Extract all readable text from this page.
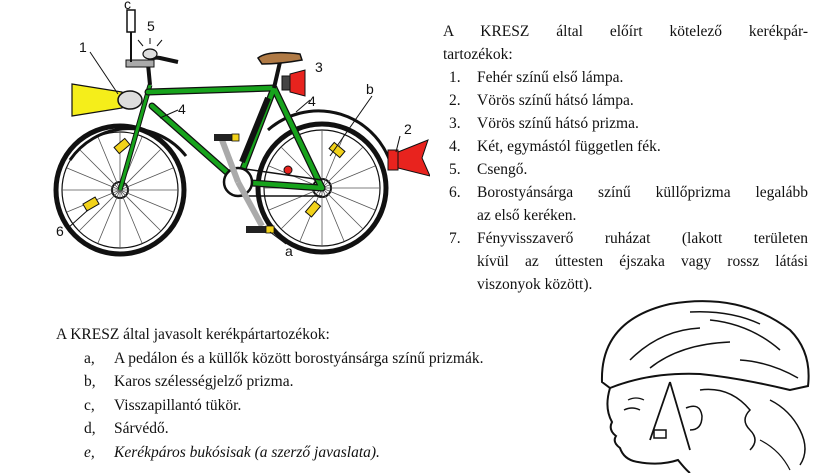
c
5
1
3
4	4
b
2
6
a

A KRESZ által előírt kötelező kerékpár-

tartozékok:

1.	Fehér színű első lámpa.
2.	Vörös színű hátsó lámpa.
3.	Vörös színű hátsó prizma.
4.	Két, egymástól független fék.
5.	Csengő.
6.	Borostyánsárga színű küllőprizma legalább
az első keréken.
7.	Fényvisszaverő ruházat (lakott területen
kívül az úttesten éjszaka vagy rossz látási
viszonyok között).

A KRESZ által javasolt kerékpártartozékok:

a,	A pedálon és a küllők között borostyánsárga színű prizmák.
b,	Karos szélességjelző prizma.
c,	Visszapillantó tükör.
d,	Sárvédő.
e,	Kerékpáros bukósisak (a szerző javaslata).
